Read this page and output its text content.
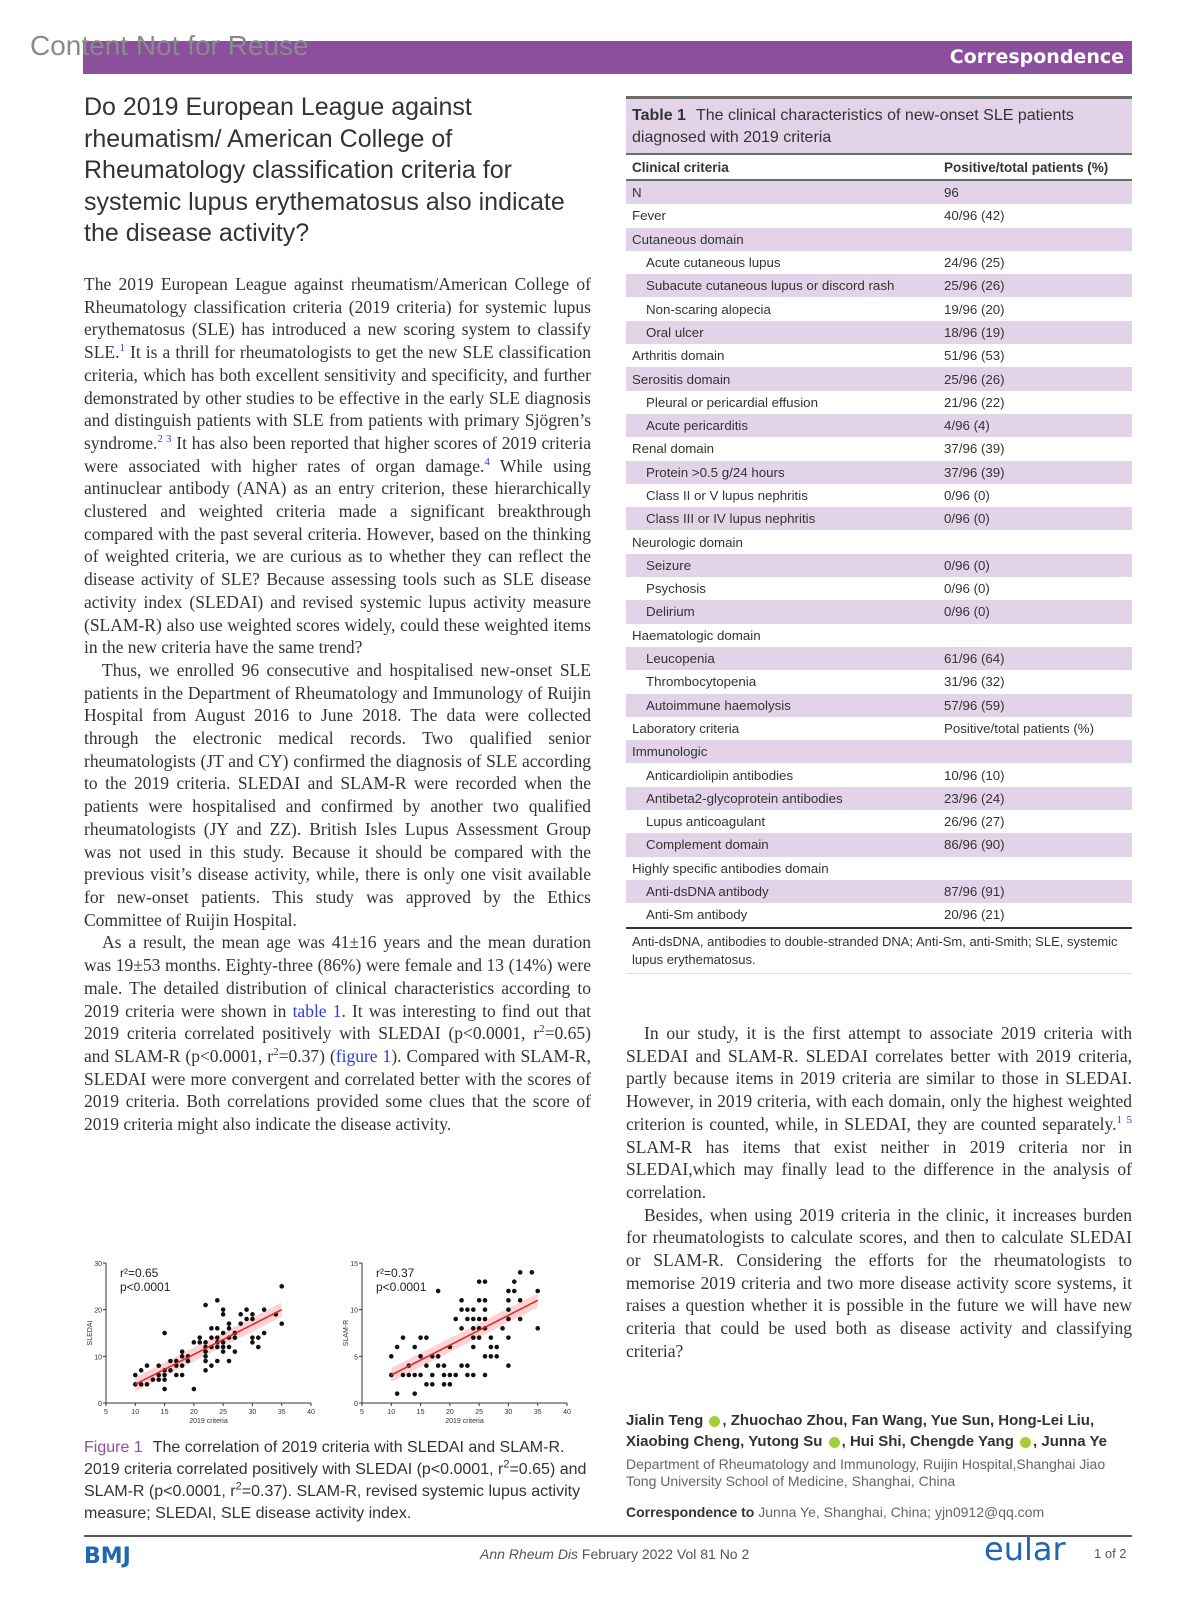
Content Not for Reuse	Correspondence
Do 2019 European League against rheumatism/ American College of Rheumatology classification criteria for systemic lupus erythematosus also indicate the disease activity?

The 2019 European League against rheumatism/American College of Rheumatology classification criteria (2019 criteria) for systemic lupus erythematosus (SLE) has introduced a new scoring system to classify SLE.$^1$ It is a thrill for rheumatologists to get the new SLE classification criteria, which has both excellent sensitivity and specificity, and further demonstrated by other studies to be effective in the early SLE diagnosis and distinguish patients with SLE from patients with primary Sjögren’s syndrome.$^{2 3}$ It has also been reported that higher scores of 2019 criteria were associated with higher rates of organ damage.$^4$ While using antinuclear antibody (ANA) as an entry criterion, these hierarchically clustered and weighted criteria made a significant breakthrough compared with the past several criteria. However, based on the thinking of weighted criteria, we are curious as to whether they can reflect the disease activity of SLE? Because assessing tools such as SLE disease activity index (SLEDAI) and revised systemic lupus activity measure (SLAM-R) also use weighted scores widely, could these weighted items in the new criteria have the same trend?

Thus, we enrolled 96 consecutive and hospitalised new-onset SLE patients in the Department of Rheumatology and Immunology of Ruijin Hospital from August 2016 to June 2018. The data were collected through the electronic medical records. Two qualified senior rheumatologists (JT and CY) confirmed the diagnosis of SLE according to the 2019 criteria. SLEDAI and SLAM-R were recorded when the patients were hospitalised and confirmed by another two qualified rheumatologists (JY and ZZ). British Isles Lupus Assessment Group was not used in this study. Because it should be compared with the previous visit’s disease activity, while, there is only one visit available for new-onset patients. This study was approved by the Ethics Committee of Ruijin Hospital.

As a result, the mean age was 41±16 years and the mean duration was 19±53 months. Eighty-three (86%) were female and 13 (14%) were male. The detailed distribution of clinical characteristics according to 2019 criteria were shown in table 1. It was interesting to find out that 2019 criteria correlated positively with SLEDAI (p<0.0001, $r^2=0.65$) and SLAM-R (p<0.0001, $r^2=0.37$) (figure 1). Compared with SLAM-R, SLEDAI were more convergent and correlated better with the scores of 2019 criteria. Both correlations provided some clues that the score of 2019 criteria might also indicate the disease activity.

In our study, it is the first attempt to associate 2019 criteria with SLEDAI and SLAM-R. SLEDAI correlates better with 2019 criteria, partly because items in 2019 criteria are similar to those in SLEDAI. However, in 2019 criteria, with each domain, only the highest weighted criterion is counted, while, in SLEDAI, they are counted separately.$^{1 5}$ SLAM-R has items that exist neither in 2019 criteria nor in SLEDAI,which may finally lead to the difference in the analysis of correlation.

Besides, when using 2019 criteria in the clinic, it increases burden for rheumatologists to calculate scores, and then to calculate SLEDAI or SLAM-R. Considering the efforts for the rheumatologists to memorise 2019 criteria and two more disease activity score systems, it raises a question whether it is possible in the future we will have new criteria that could be used both as disease activity and classifying criteria?

Table 1 The clinical characteristics of new-onset SLE patients diagnosed with 2019 criteria
Clinical criteria	Positive/total patients (%)
N	96
Fever	40/96 (42)
Cutaneous domain
Acute cutaneous lupus	24/96 (25)
Subacute cutaneous lupus or discord rash	25/96 (26)
Non-scaring alopecia	19/96 (20)
Oral ulcer	18/96 (19)
Arthritis domain	51/96 (53)
Serositis domain	25/96 (26)
Pleural or pericardial effusion	21/96 (22)
Acute pericarditis	4/96 (4)
Renal domain	37/96 (39)
Protein >0.5 g/24 hours	37/96 (39)
Class II or V lupus nephritis	0/96 (0)
Class III or IV lupus nephritis	0/96 (0)
Neurologic domain
Seizure	0/96 (0)
Psychosis	0/96 (0)
Delirium	0/96 (0)
Haematologic domain
Leucopenia	61/96 (64)
Thrombocytopenia	31/96 (32)
Autoimmune haemolysis	57/96 (59)
Laboratory criteria	Positive/total patients (%)
Immunologic
Anticardiolipin antibodies	10/96 (10)
Antibeta2-glycoprotein antibodies	23/96 (24)
Lupus anticoagulant	26/96 (27)
Complement domain	86/96 (90)
Highly specific antibodies domain
Anti-dsDNA antibody	87/96 (91)
Anti-Sm antibody	20/96 (21)
Anti-dsDNA, antibodies to double-stranded DNA; Anti-Sm, anti-Smith; SLE, systemic lupus erythematosus.
0
10
20
30
5	10	15	20	25	30	35	40
2019 criteria
SLEDAI
r²=0.65
p<0.0001
0
5
10
15
5	10	15	20	25	30	35	40
2019 criteria
SLAM-R
r²=0.37
p<0.0001
Figure 1 The correlation of 2019 criteria with SLEDAI and SLAM-R. 2019 criteria correlated positively with SLEDAI (p<0.0001, $r^2=0.65$) and SLAM-R (p<0.0001, $r^2=0.37$). SLAM-R, revised systemic lupus activity measure; SLEDAI, SLE disease activity index.
Jialin Teng , Zhuochao Zhou, Fan Wang, Yue Sun, Hong-Lei Liu, Xiaobing Cheng, Yutong Su , Hui Shi, Chengde Yang , Junna Ye
Department of Rheumatology and Immunology, Ruijin Hospital,Shanghai Jiao Tong University School of Medicine, Shanghai, China
Correspondence to Junna Ye, Shanghai, China; yjn0912@qq.com
BMJ	Ann Rheum Dis February 2022 Vol 81 No 2	eular 1 of 2
